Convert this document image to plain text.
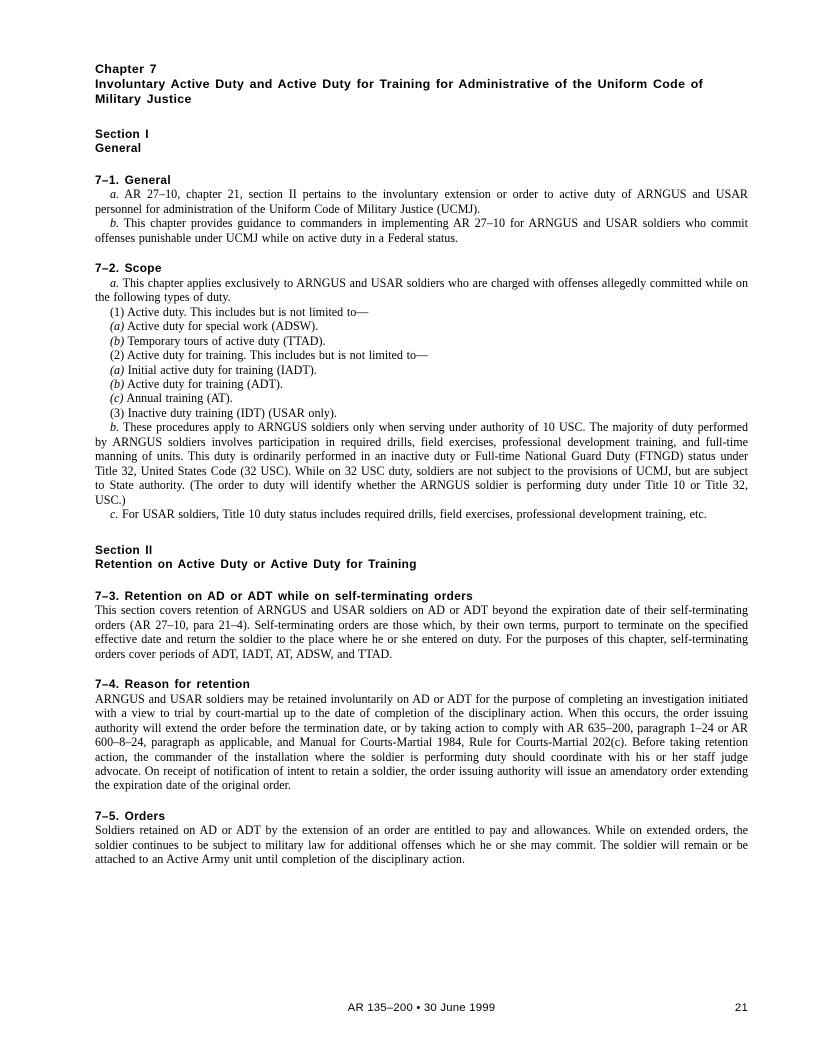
Chapter 7
Involuntary Active Duty and Active Duty for Training for Administrative of the Uniform Code of Military Justice
Section I
General
7–1. General

a. AR 27–10, chapter 21, section II pertains to the involuntary extension or order to active duty of ARNGUS and USAR personnel for administration of the Uniform Code of Military Justice (UCMJ).

b. This chapter provides guidance to commanders in implementing AR 27–10 for ARNGUS and USAR soldiers who commit offenses punishable under UCMJ while on active duty in a Federal status.

7–2. Scope

a. This chapter applies exclusively to ARNGUS and USAR soldiers who are charged with offenses allegedly committed while on the following types of duty.

(1) Active duty. This includes but is not limited to—

(a) Active duty for special work (ADSW).

(b) Temporary tours of active duty (TTAD).

(2) Active duty for training. This includes but is not limited to—

(a) Initial active duty for training (IADT).

(b) Active duty for training (ADT).

(c) Annual training (AT).

(3) Inactive duty training (IDT) (USAR only).

b. These procedures apply to ARNGUS soldiers only when serving under authority of 10 USC. The majority of duty performed by ARNGUS soldiers involves participation in required drills, field exercises, professional development training, and full-time manning of units. This duty is ordinarily performed in an inactive duty or Full-time National Guard Duty (FTNGD) status under Title 32, United States Code (32 USC). While on 32 USC duty, soldiers are not subject to the provisions of UCMJ, but are subject to State authority. (The order to duty will identify whether the ARNGUS soldier is performing duty under Title 10 or Title 32, USC.)

c. For USAR soldiers, Title 10 duty status includes required drills, field exercises, professional development training, etc.

Section II
Retention on Active Duty or Active Duty for Training
7–3. Retention on AD or ADT while on self-terminating orders

This section covers retention of ARNGUS and USAR soldiers on AD or ADT beyond the expiration date of their self-terminating orders (AR 27–10, para 21–4). Self-terminating orders are those which, by their own terms, purport to terminate on the specified effective date and return the soldier to the place where he or she entered on duty. For the purposes of this chapter, self-terminating orders cover periods of ADT, IADT, AT, ADSW, and TTAD.

7–4. Reason for retention

ARNGUS and USAR soldiers may be retained involuntarily on AD or ADT for the purpose of completing an investigation initiated with a view to trial by court-martial up to the date of completion of the disciplinary action. When this occurs, the order issuing authority will extend the order before the termination date, or by taking action to comply with AR 635–200, paragraph 1–24 or AR 600–8–24, paragraph as applicable, and Manual for Courts-Martial 1984, Rule for Courts-Martial 202(c). Before taking retention action, the commander of the installation where the soldier is performing duty should coordinate with his or her staff judge advocate. On receipt of notification of intent to retain a soldier, the order issuing authority will issue an amendatory order extending the expiration date of the original order.

7–5. Orders

Soldiers retained on AD or ADT by the extension of an order are entitled to pay and allowances. While on extended orders, the soldier continues to be subject to military law for additional offenses which he or she may commit. The soldier will remain or be attached to an Active Army unit until completion of the disciplinary action.

AR 135–200 • 30 June 1999	21
